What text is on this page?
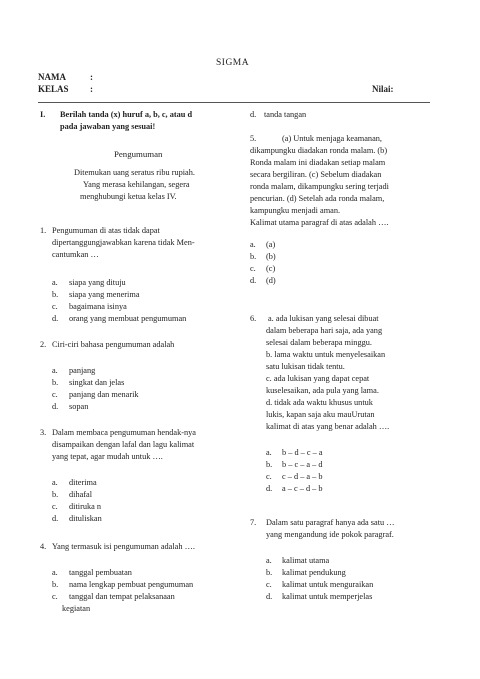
SIGMA
NAMA	:
KELAS :	Nilai:
I. Berilah tanda (x) huruf a, b, c, atau d
pada jawaban yang sesuai!
Pengumuman
Ditemukan uang seratus ribu rupiah.
Yang merasa kehilangan, segera
menghubungi ketua kelas IV.
1. Pengumuman di atas tidak dapat
dipertanggungjawabkan karena tidak Men-
cantumkan …
a. siapa yang dituju
b. siapa yang menerima
c. bagaimana isinya
d. orang yang membuat pengumuman
2. Ciri-ciri bahasa pengumuman adalah
a. panjang
b. singkat dan jelas
c. panjang dan menarik
d. sopan
3. Dalam membaca pengumuman hendak-nya
disampaikan dengan lafal dan lagu kalimat
yang tepat, agar mudah untuk ….
a. diterima
b. dihafal
c. ditiruka n
d. dituliskan
4. Yang termasuk isi pengumuman adalah ….
a. tanggal pembuatan
b. nama lengkap pembuat pengumuman
c. tanggal dan tempat pelaksanaan
kegiatan
d. tanda tangan
5.	(a) Untuk menjaga keamanan,
dikampungku diadakan ronda malam. (b)
Ronda malam ini diadakan setiap malam
secara bergiliran. (c) Sebelum diadakan
ronda malam, dikampungku sering terjadi
pencurian. (d) Setelah ada ronda malam,
kampungku menjadi aman.
Kalimat utama paragraf di atas adalah ….
a. (a)
b. (b)
c. (c)
d. (d)
6. a. ada lukisan yang selesai dibuat
dalam beberapa hari saja, ada yang
selesai dalam beberapa minggu.
b. lama waktu untuk menyelesaikan
satu lukisan tidak tentu.
c. ada lukisan yang dapat cepat
kuselesaikan, ada pula yang lama.
d. tidak ada waktu khusus untuk
lukis, kapan saja aku mauUrutan
kalimat di atas yang benar adalah ….
a. b – d – c – a
b. b – c – a – d
c. c – d – a – b
d. a – c – d – b
7. Dalam satu paragraf hanya ada satu …
yang mengandung ide pokok paragraf.
a. kalimat utama
b. kalimat pendukung
c. kalimat untuk menguraikan
d. kalimat untuk memperjelas
